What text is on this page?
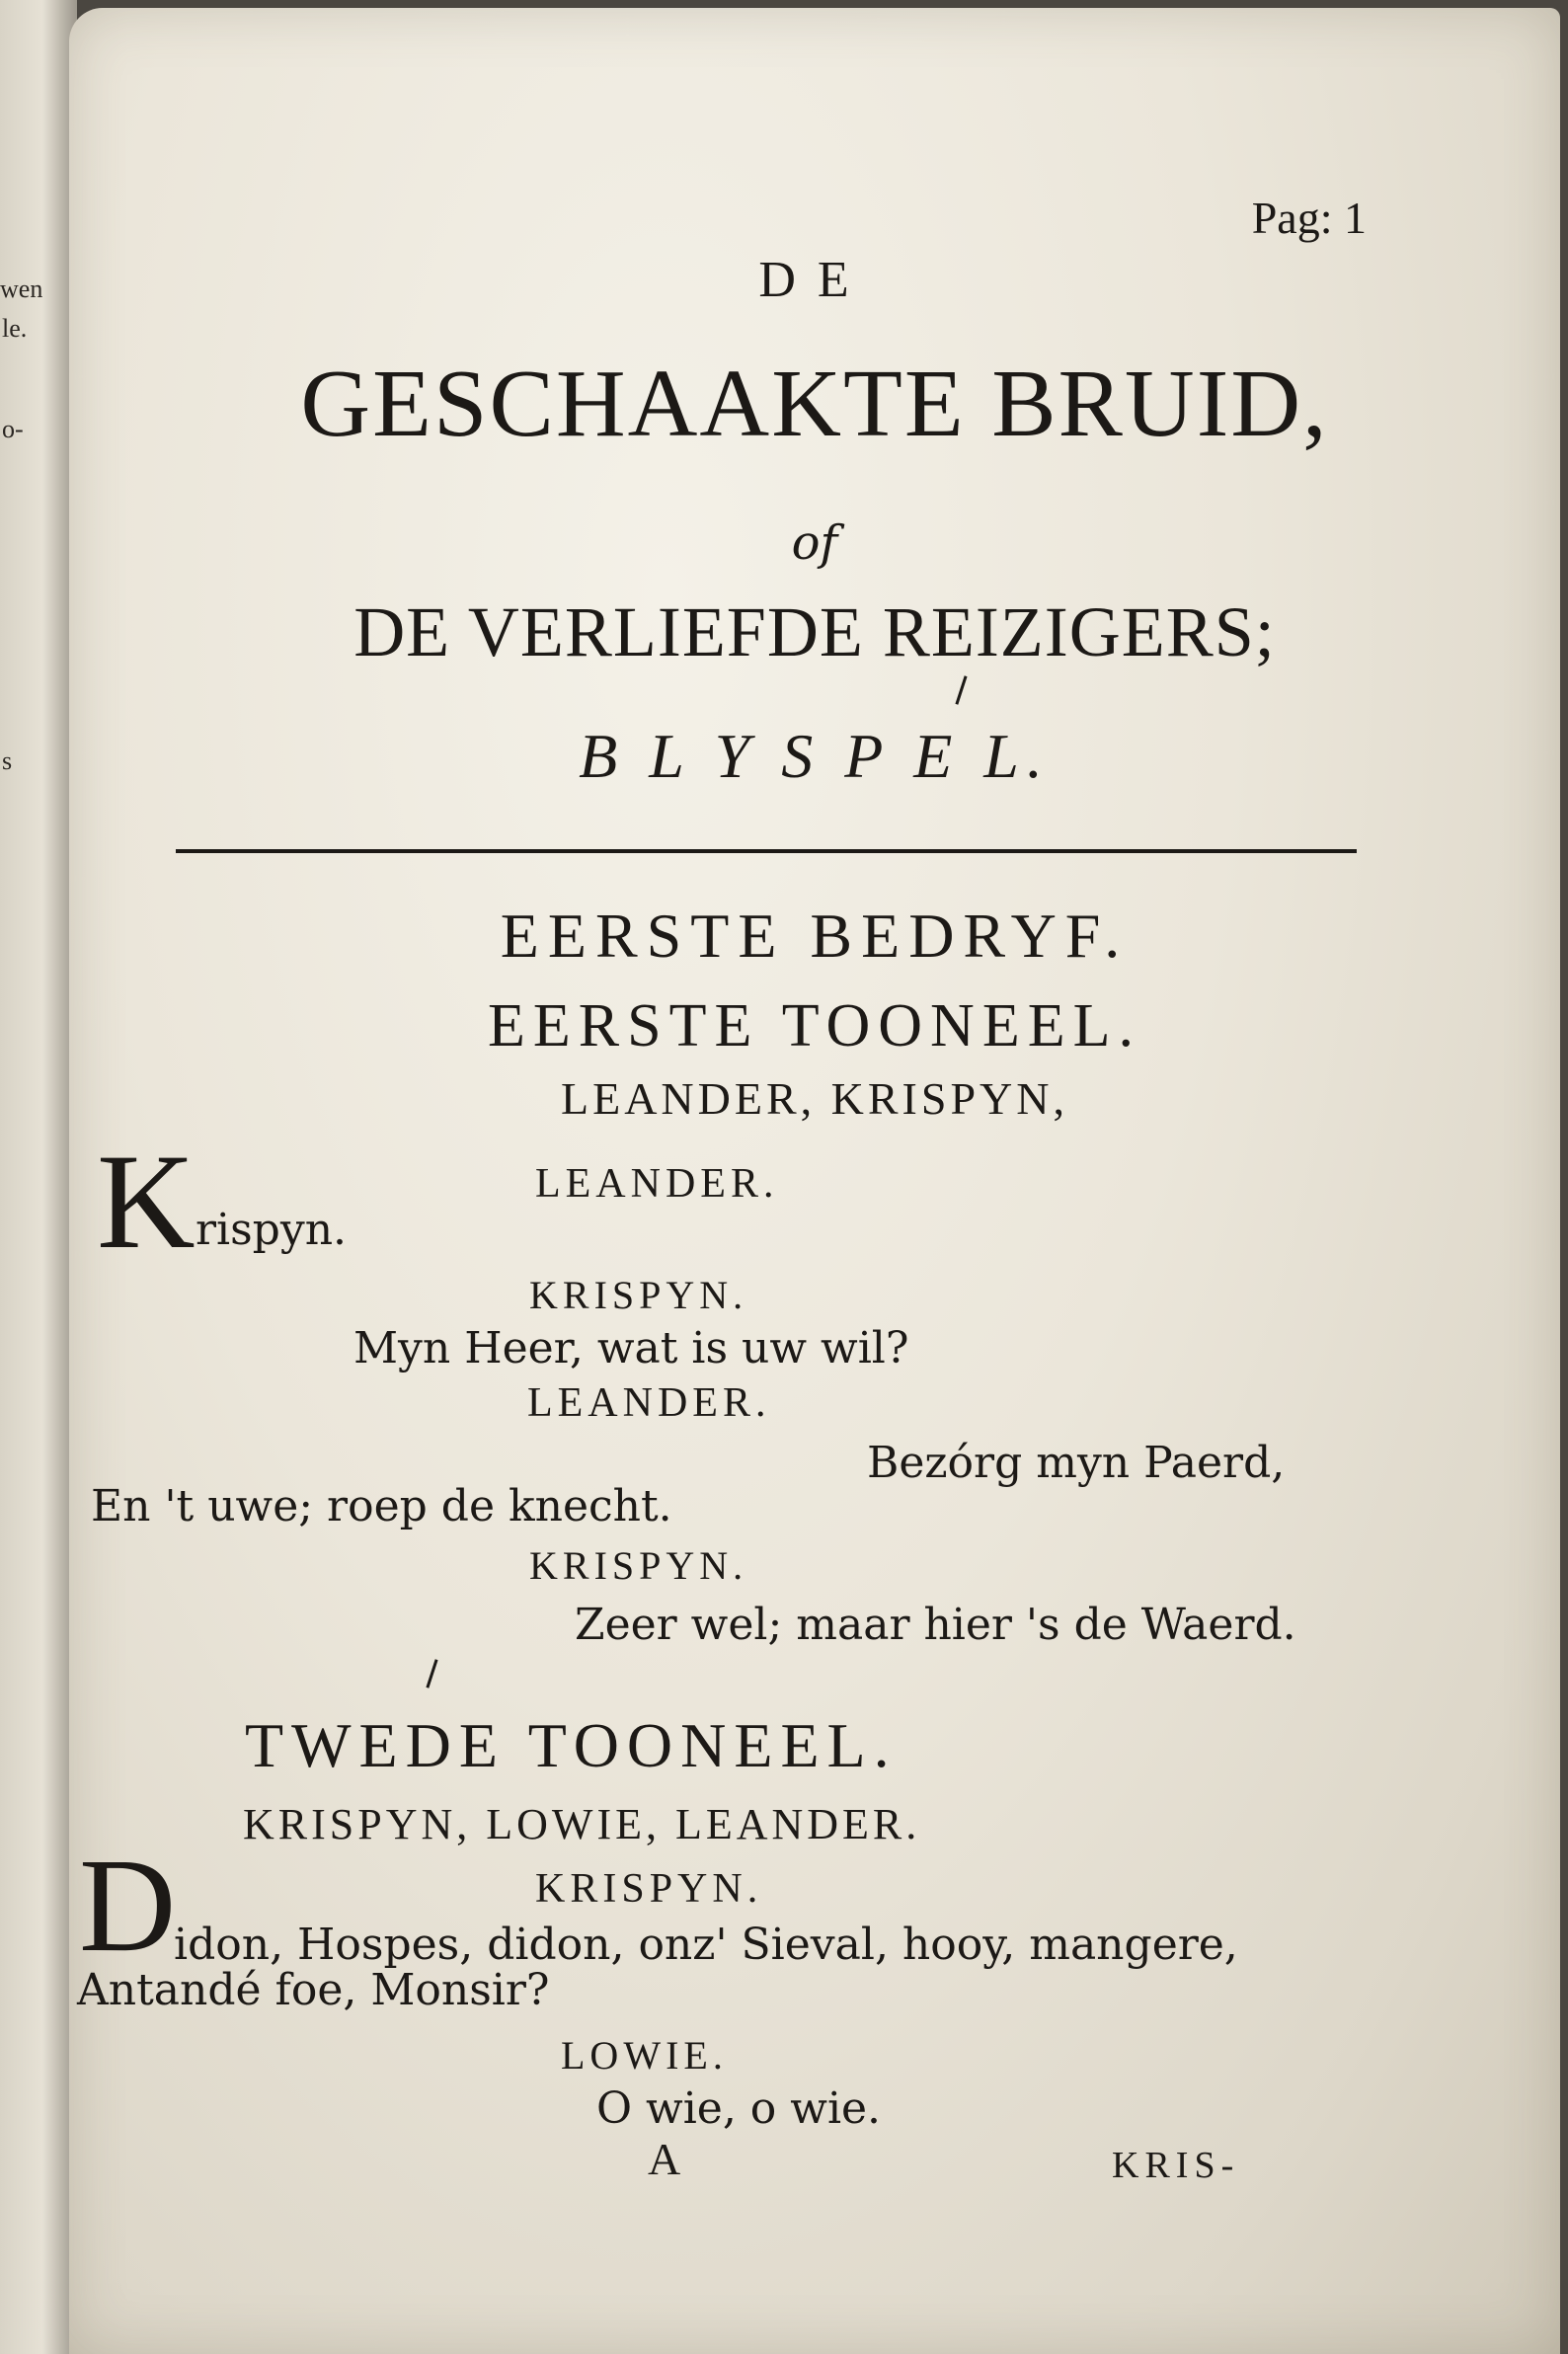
wen
le.
o-
s
Pag: 1
DE
GESCHAAKTE BRUID,
of
DE VERLIEFDE REIZIGERS;
B L Y S P E L.
EERSTE BEDRYF.
EERSTE TOONEEL.
LEANDER, KRISPYN,
LEANDER.
K rispyn.
KRISPYN.
Myn Heer, wat is uw wil?
LEANDER.
Bezórg myn Paerd,
En 't uwe; roep de knecht.
KRISPYN.
Zeer wel; maar hier 's de Waerd.
TWEDE TOONEEL.
KRISPYN, LOWIE, LEANDER.
KRISPYN.
D
idon, Hospes, didon, onz' Sieval, hooy, mangere,
Antandé foe, Monsir?
LOWIE.
O wie, o wie.
A	KRIS-
